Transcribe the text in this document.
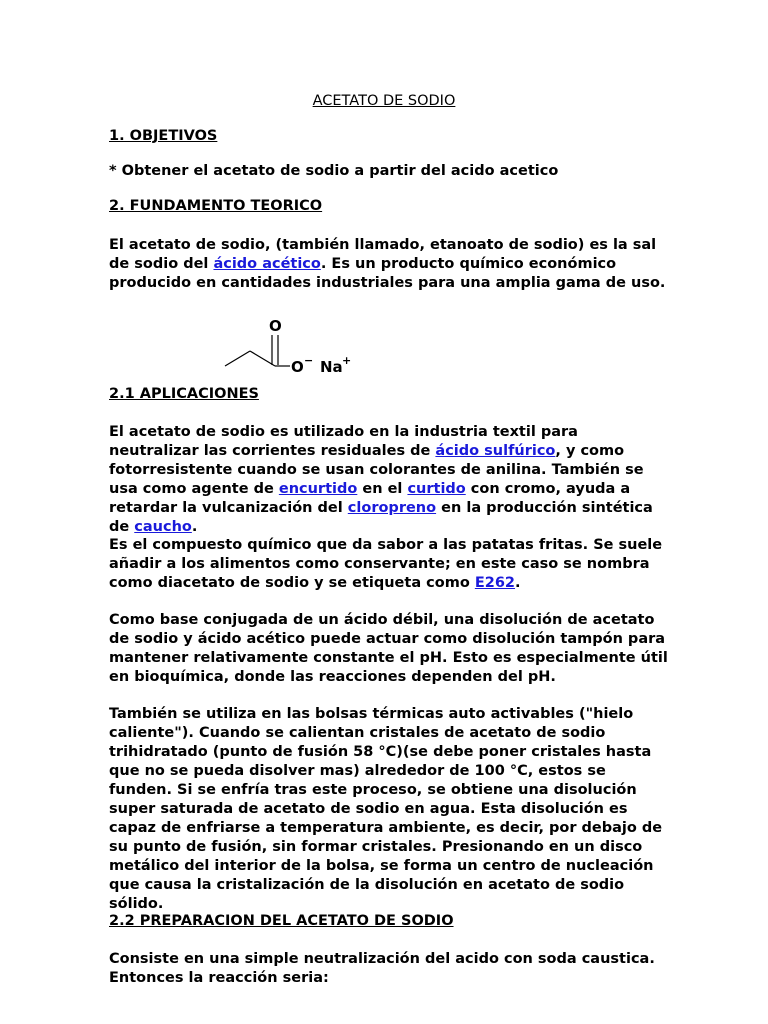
ACETATO DE SODIO

1. OBJETIVOS

* Obtener el acetato de sodio a partir del acido acetico

2. FUNDAMENTO TEORICO

El acetato de sodio, (también llamado, etanoato de sodio) es la sal de sodio del ácido acético. Es un producto químico económico producido en cantidades industriales para una amplia gama de uso.

O
O − Na +

2.1 APLICACIONES

El acetato de sodio es utilizado en la industria textil para neutralizar las corrientes residuales de ácido sulfúrico, y como fotorresistente cuando se usan colorantes de anilina. También se usa como agente de encurtido en el curtido con cromo, ayuda a retardar la vulcanización del cloropreno en la producción sintética de caucho.

Es el compuesto químico que da sabor a las patatas fritas. Se suele añadir a los alimentos como conservante; en este caso se nombra como diacetato de sodio y se etiqueta como E262.

Como base conjugada de un ácido débil, una disolución de acetato de sodio y ácido acético puede actuar como disolución tampón para mantener relativamente constante el pH. Esto es especialmente útil en bioquímica, donde las reacciones dependen del pH.

También se utiliza en las bolsas térmicas auto activables ("hielo caliente"). Cuando se calientan cristales de acetato de sodio trihidratado (punto de fusión 58 °C)(se debe poner cristales hasta que no se pueda disolver mas) alrededor de 100 °C, estos se funden. Si se enfría tras este proceso, se obtiene una disolución super saturada de acetato de sodio en agua. Esta disolución es capaz de enfriarse a temperatura ambiente, es decir, por debajo de su punto de fusión, sin formar cristales. Presionando en un disco metálico del interior de la bolsa, se forma un centro de nucleación que causa la cristalización de la disolución en acetato de sodio sólido.

2.2 PREPARACION DEL ACETATO DE SODIO

Consiste en una simple neutralización del acido con soda caustica. Entonces la reacción seria:
